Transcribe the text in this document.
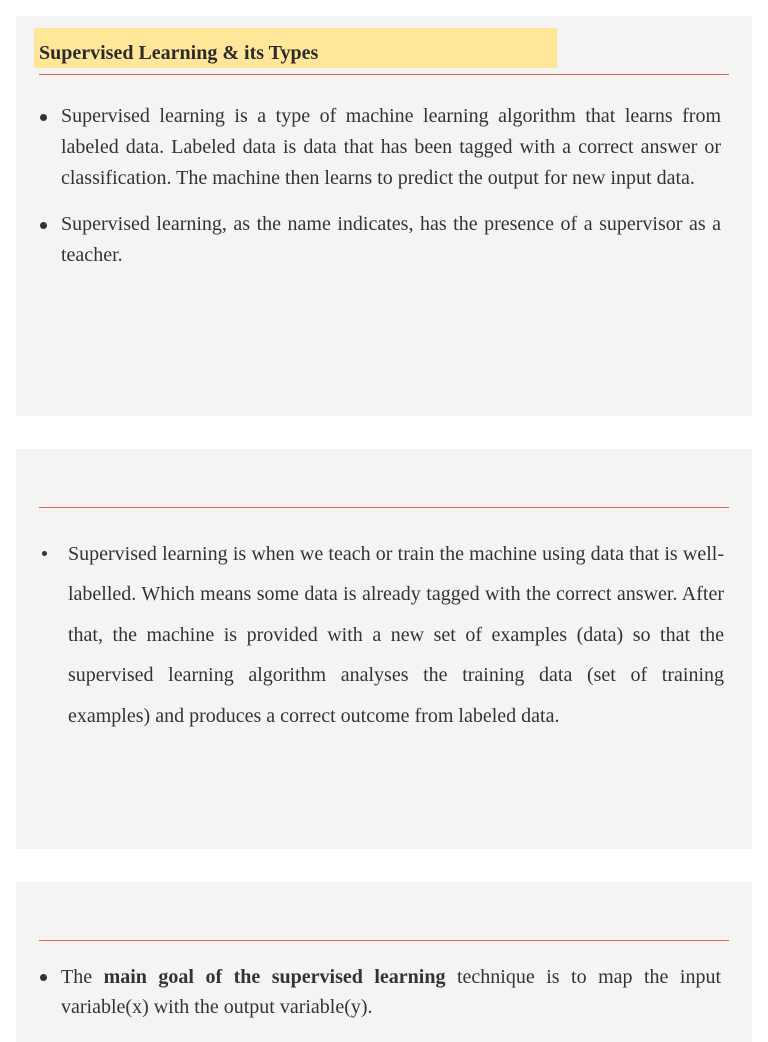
Supervised Learning & its Types
Supervised learning is a type of machine learning algorithm that learns from labeled data. Labeled data is data that has been tagged with a correct answer or classification. The machine then learns to predict the output for new input data.
Supervised learning, as the name indicates, has the presence of a supervisor as a teacher.
Supervised learning is when we teach or train the machine using data that is well-labelled. Which means some data is already tagged with the correct answer. After that, the machine is provided with a new set of examples (data) so that the supervised learning algorithm analyses the training data (set of training examples) and produces a correct outcome from labeled data.
The main goal of the supervised learning technique is to map the input variable(x) with the output variable(y).
